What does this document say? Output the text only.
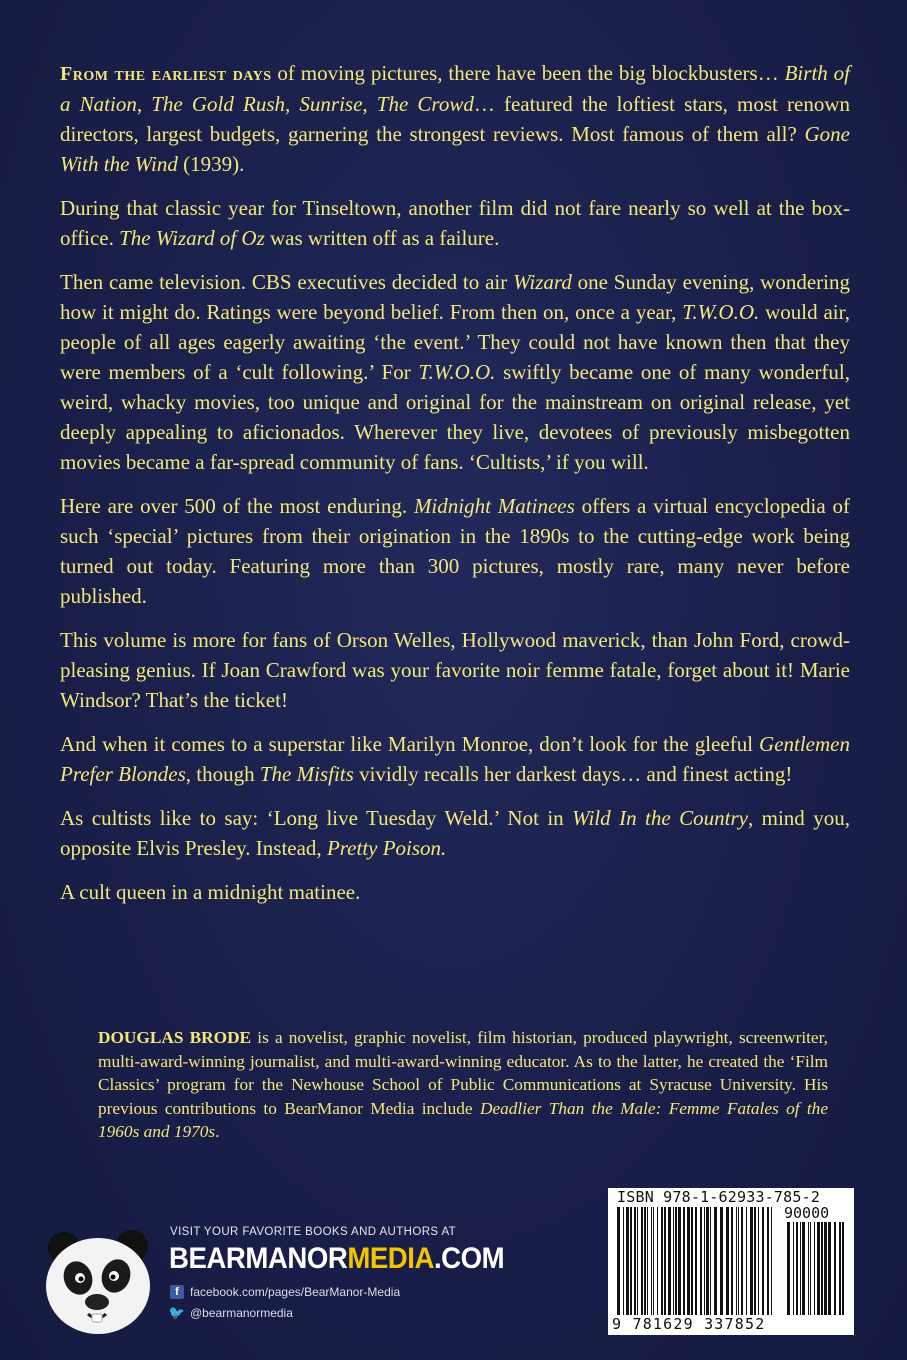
From the earliest days of moving pictures, there have been the big blockbusters… Birth of a Nation, The Gold Rush, Sunrise, The Crowd… featured the loftiest stars, most renown directors, largest budgets, garnering the strongest reviews. Most famous of them all? Gone With the Wind (1939).

During that classic year for Tinseltown, another film did not fare nearly so well at the box-office. The Wizard of Oz was written off as a failure.

Then came television. CBS executives decided to air Wizard one Sunday evening, wondering how it might do. Ratings were beyond belief. From then on, once a year, T.W.O.O. would air, people of all ages eagerly awaiting ‘the event.’ They could not have known then that they were members of a ‘cult following.’ For T.W.O.O. swiftly became one of many wonderful, weird, whacky movies, too unique and original for the mainstream on original release, yet deeply appealing to aficionados. Wherever they live, devotees of previously misbegotten movies became a far-spread community of fans. ‘Cultists,’ if you will.

Here are over 500 of the most enduring. Midnight Matinees offers a virtual encyclopedia of such ‘special’ pictures from their origination in the 1890s to the cutting-edge work being turned out today. Featuring more than 300 pictures, mostly rare, many never before published.

This volume is more for fans of Orson Welles, Hollywood maverick, than John Ford, crowd-pleasing genius. If Joan Crawford was your favorite noir femme fatale, forget about it! Marie Windsor? That’s the ticket!

And when it comes to a superstar like Marilyn Monroe, don’t look for the gleeful Gentlemen Prefer Blondes, though The Misfits vividly recalls her darkest days… and finest acting!

As cultists like to say: ‘Long live Tuesday Weld.’ Not in Wild In the Country, mind you, opposite Elvis Presley. Instead, Pretty Poison.

A cult queen in a midnight matinee.

DOUGLAS BRODE is a novelist, graphic novelist, film historian, produced playwright, screenwriter, multi-award-winning journalist, and multi-award-winning educator. As to the latter, he created the ‘Film Classics’ program for the Newhouse School of Public Communications at Syracuse University. His previous contributions to BearManor Media include Deadlier Than the Male: Femme Fatales of the 1960s and 1970s.
VISIT YOUR FAVORITE BOOKS AND AUTHORS AT
BEARMANORMEDIA.COM
f facebook.com/pages/BearManor-Media
🐦 @bearmanormedia
ISBN 978-1-62933-785-2
90000
9 781629 337852
